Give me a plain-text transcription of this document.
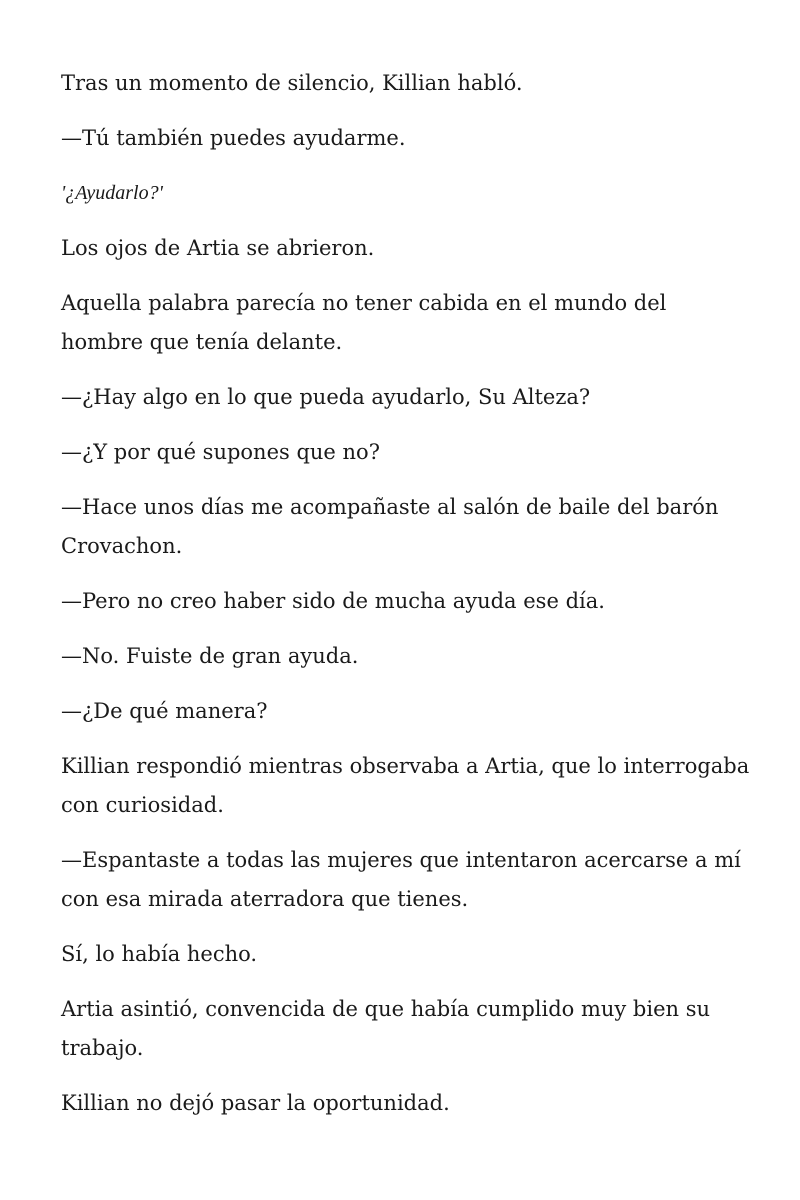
Tras un momento de silencio, Killian habló.

—Tú también puedes ayudarme.

'¿Ayudarlo?'

Los ojos de Artia se abrieron.

Aquella palabra parecía no tener cabida en el mundo del hombre que tenía delante.

—¿Hay algo en lo que pueda ayudarlo, Su Alteza?

—¿Y por qué supones que no?

—Hace unos días me acompañaste al salón de baile del barón Crovachon.

—Pero no creo haber sido de mucha ayuda ese día.

—No. Fuiste de gran ayuda.

—¿De qué manera?

Killian respondió mientras observaba a Artia, que lo interrogaba con curiosidad.

—Espantaste a todas las mujeres que intentaron acercarse a mí con esa mirada aterradora que tienes.

Sí, lo había hecho.

Artia asintió, convencida de que había cumplido muy bien su trabajo.

Killian no dejó pasar la oportunidad.
